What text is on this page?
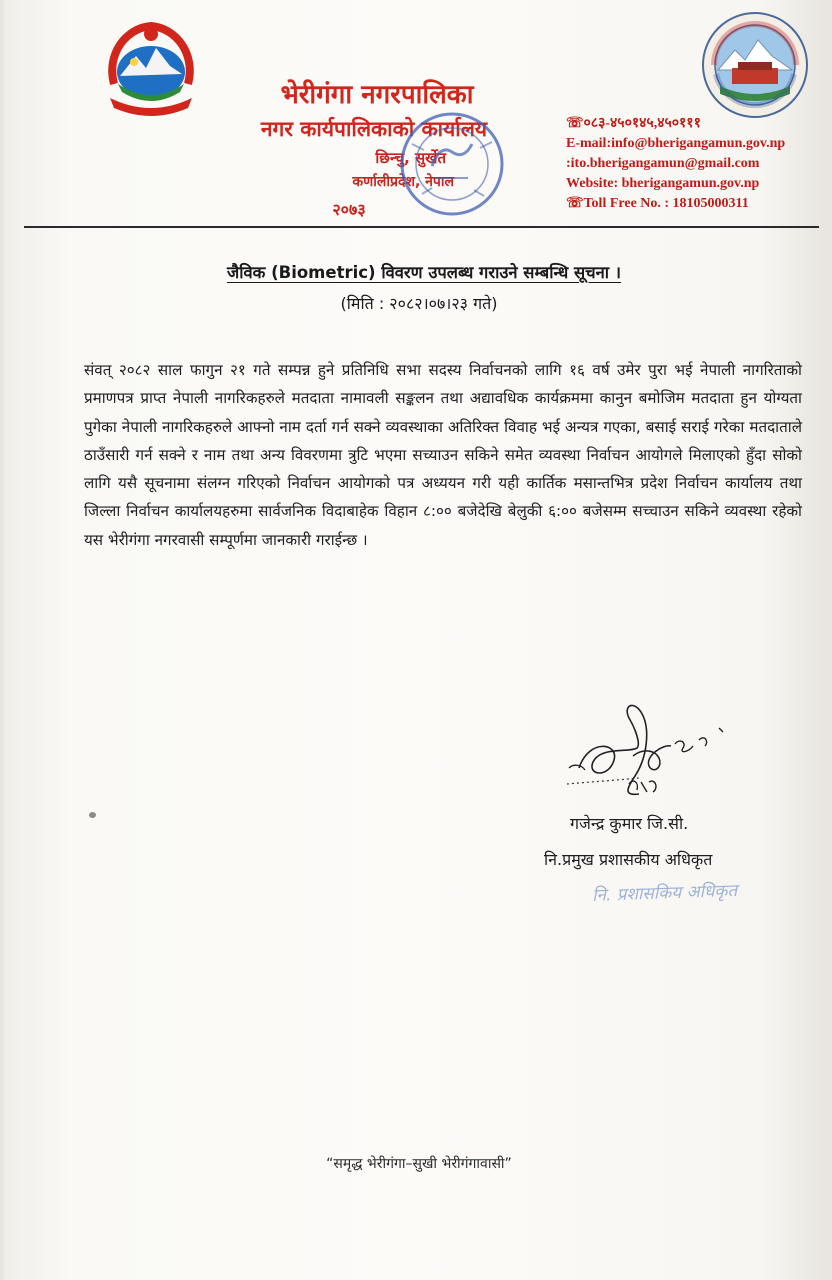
भेरीगंगा नगरपालिका
नगर कार्यपालिकाको कार्यालय
छिन्चु, सुर्खेत
कर्णालीप्रदेश, नेपाल
२०७३
☏०८३-४५०१४५,४५०१११
E-mail:info@bherigangamun.gov.np
:ito.bherigangamun@gmail.com
Website: bherigangamun.gov.np
☏Toll Free No. : 18105000311
जैविक (Biometric) विवरण उपलब्ध गराउने सम्बन्धि सूचना ।
(मिति : २०८२।०७।२३ गते)
संवत् २०८२ साल फागुन २१ गते सम्पन्न हुने प्रतिनिधि सभा सदस्य निर्वाचनको लागि १६ वर्ष उमेर पुरा भई नेपाली नागरिताको प्रमाणपत्र प्राप्त नेपाली नागरिकहरुले मतदाता नामावली सङ्कलन तथा अद्यावधिक कार्यक्रममा कानुन बमोजिम मतदाता हुन योग्यता पुगेका नेपाली नागरिकहरुले आफ्नो नाम दर्ता गर्न सक्ने व्यवस्थाका अतिरिक्त विवाह भई अन्यत्र गएका, बसाई सराई गरेका मतदाताले ठाउँसारी गर्न सक्ने र नाम तथा अन्य विवरणमा त्रुटि भएमा सच्याउन सकिने समेत व्यवस्था निर्वाचन आयोगले मिलाएको हुँदा सोको लागि यसै सूचनामा संलग्न गरिएको निर्वाचन आयोगको पत्र अध्ययन गरी यही कार्तिक मसान्तभित्र प्रदेश निर्वाचन कार्यालय तथा जिल्ला निर्वाचन कार्यालयहरुमा सार्वजनिक विदाबाहेक विहान ८:०० बजेदेखि बेलुकी ६:०० बजेसम्म सच्चाउन सकिने व्यवस्था रहेको यस भेरीगंगा नगरवासी सम्पूर्णमा जानकारी गराईन्छ ।
गजेन्द्र कुमार जि.सी.
नि.प्रमुख प्रशासकीय अधिकृत
नि. प्रशासकिय अधिकृत
“समृद्ध भेरीगंगा–सुखी भेरीगंगावासी”
